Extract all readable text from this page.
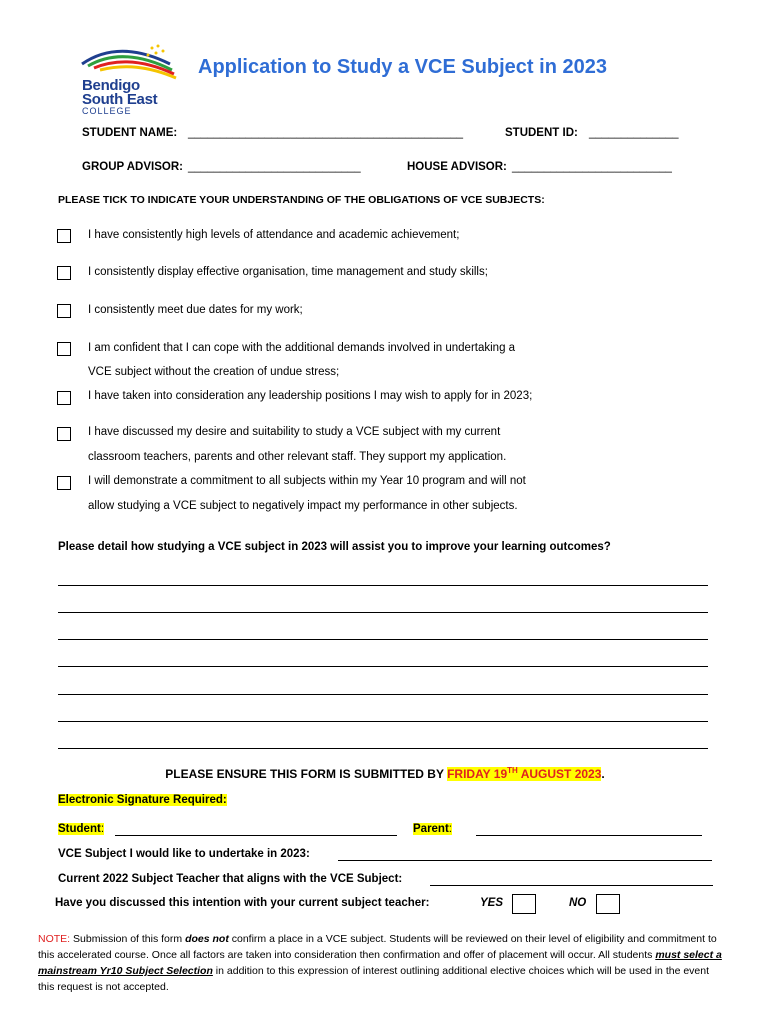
Bendigo
South East
COLLEGE
Application to Study a VCE Subject in 2023
STUDENT NAME: ___________________________________________	STUDENT ID: ______________
GROUP ADVISOR: ___________________________	HOUSE ADVISOR: _________________________
PLEASE TICK TO INDICATE YOUR UNDERSTANDING OF THE OBLIGATIONS OF VCE SUBJECTS:
I have consistently high levels of attendance and academic achievement;
I consistently display effective organisation, time management and study skills;
I consistently meet due dates for my work;
I am confident that I can cope with the additional demands involved in undertaking a
VCE subject without the creation of undue stress;
I have taken into consideration any leadership positions I may wish to apply for in 2023;
I have discussed my desire and suitability to study a VCE subject with my current
classroom teachers, parents and other relevant staff. They support my application.
I will demonstrate a commitment to all subjects within my Year 10 program and will not
allow studying a VCE subject to negatively impact my performance in other subjects.
Please detail how studying a VCE subject in 2023 will assist you to improve your learning outcomes?
PLEASE ENSURE THIS FORM IS SUBMITTED BY FRIDAY 19TH AUGUST 2023.
Electronic Signature Required:
Student:	Parent:
VCE Subject I would like to undertake in 2023:
Current 2022 Subject Teacher that aligns with the VCE Subject:
Have you discussed this intention with your current subject teacher:	YES	NO
NOTE: Submission of this form does not confirm a place in a VCE subject. Students will be reviewed on their level of eligibility and commitment to this accelerated course. Once all factors are taken into consideration then confirmation and offer of placement will occur. All students must select a mainstream Yr10 Subject Selection in addition to this expression of interest outlining additional elective choices which will be used in the event this request is not accepted.
